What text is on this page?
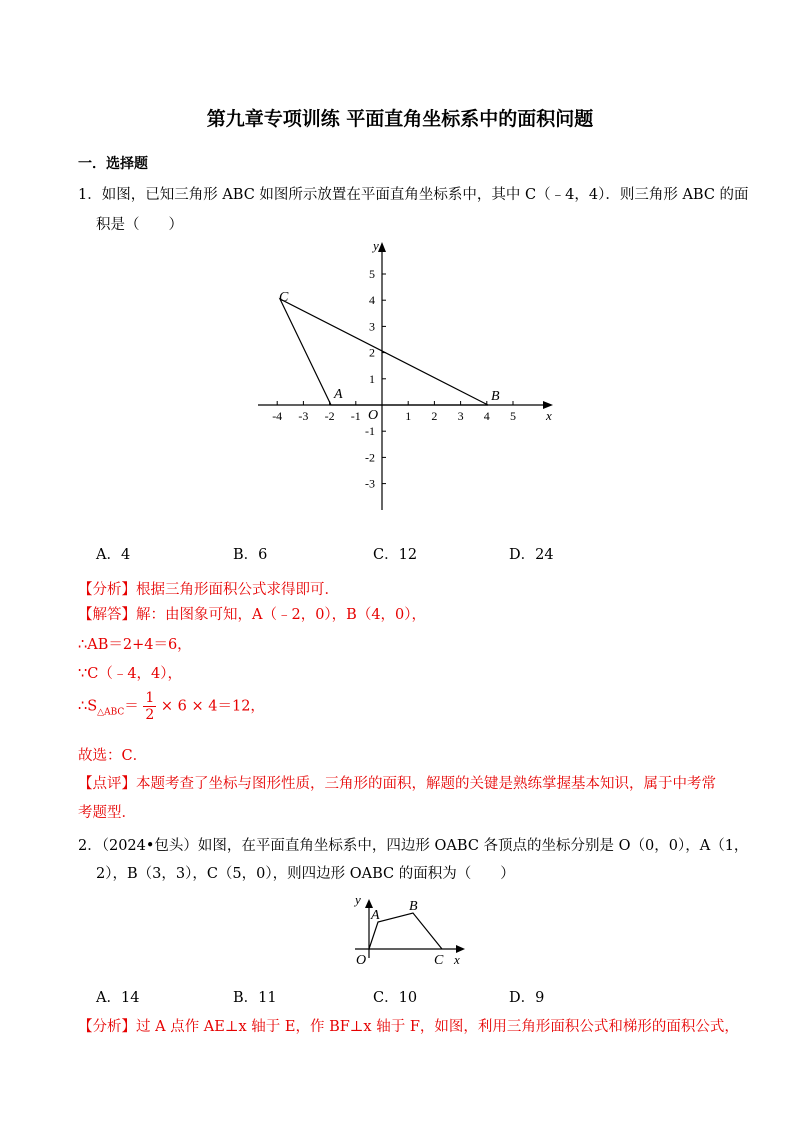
第九章专项训练 平面直角坐标系中的面积问题
一．选择题
1．如图，已知三角形 ABC 如图所示放置在平面直角坐标系中，其中 C（﹣4，4）．则三角形 ABC 的面
积是（　　）
y
x
O
-4 -3 -2 -1	1 2 3 4 5
5
4
3
2
1
-1
-2
-3
C
A	B
A．4	B．6	C．12	D．24
【分析】根据三角形面积公式求得即可．
【解答】解：由图象可知，A（﹣2，0），B（4，0），
∴AB＝2+4＝6，
∵C（﹣4，4），
$\therefore S_{\triangle ABC}= \frac{1}{2} \times 6 \times 4=12$，
故选：C．
【点评】本题考查了坐标与图形性质，三角形的面积，解题的关键是熟练掌握基本知识，属于中考常
考题型．
2．（2024•包头）如图，在平面直角坐标系中，四边形 OABC 各顶点的坐标分别是 O（0，0），A（1，
2），B（3，3），C（5，0），则四边形 OABC 的面积为（　　）
y
x
O
A
B
C
A．14	B．11	C．10	D．9
【分析】过 A 点作 AE⊥x 轴于 E，作 BF⊥x 轴于 F，如图，利用三角形面积公式和梯形的面积公式，
